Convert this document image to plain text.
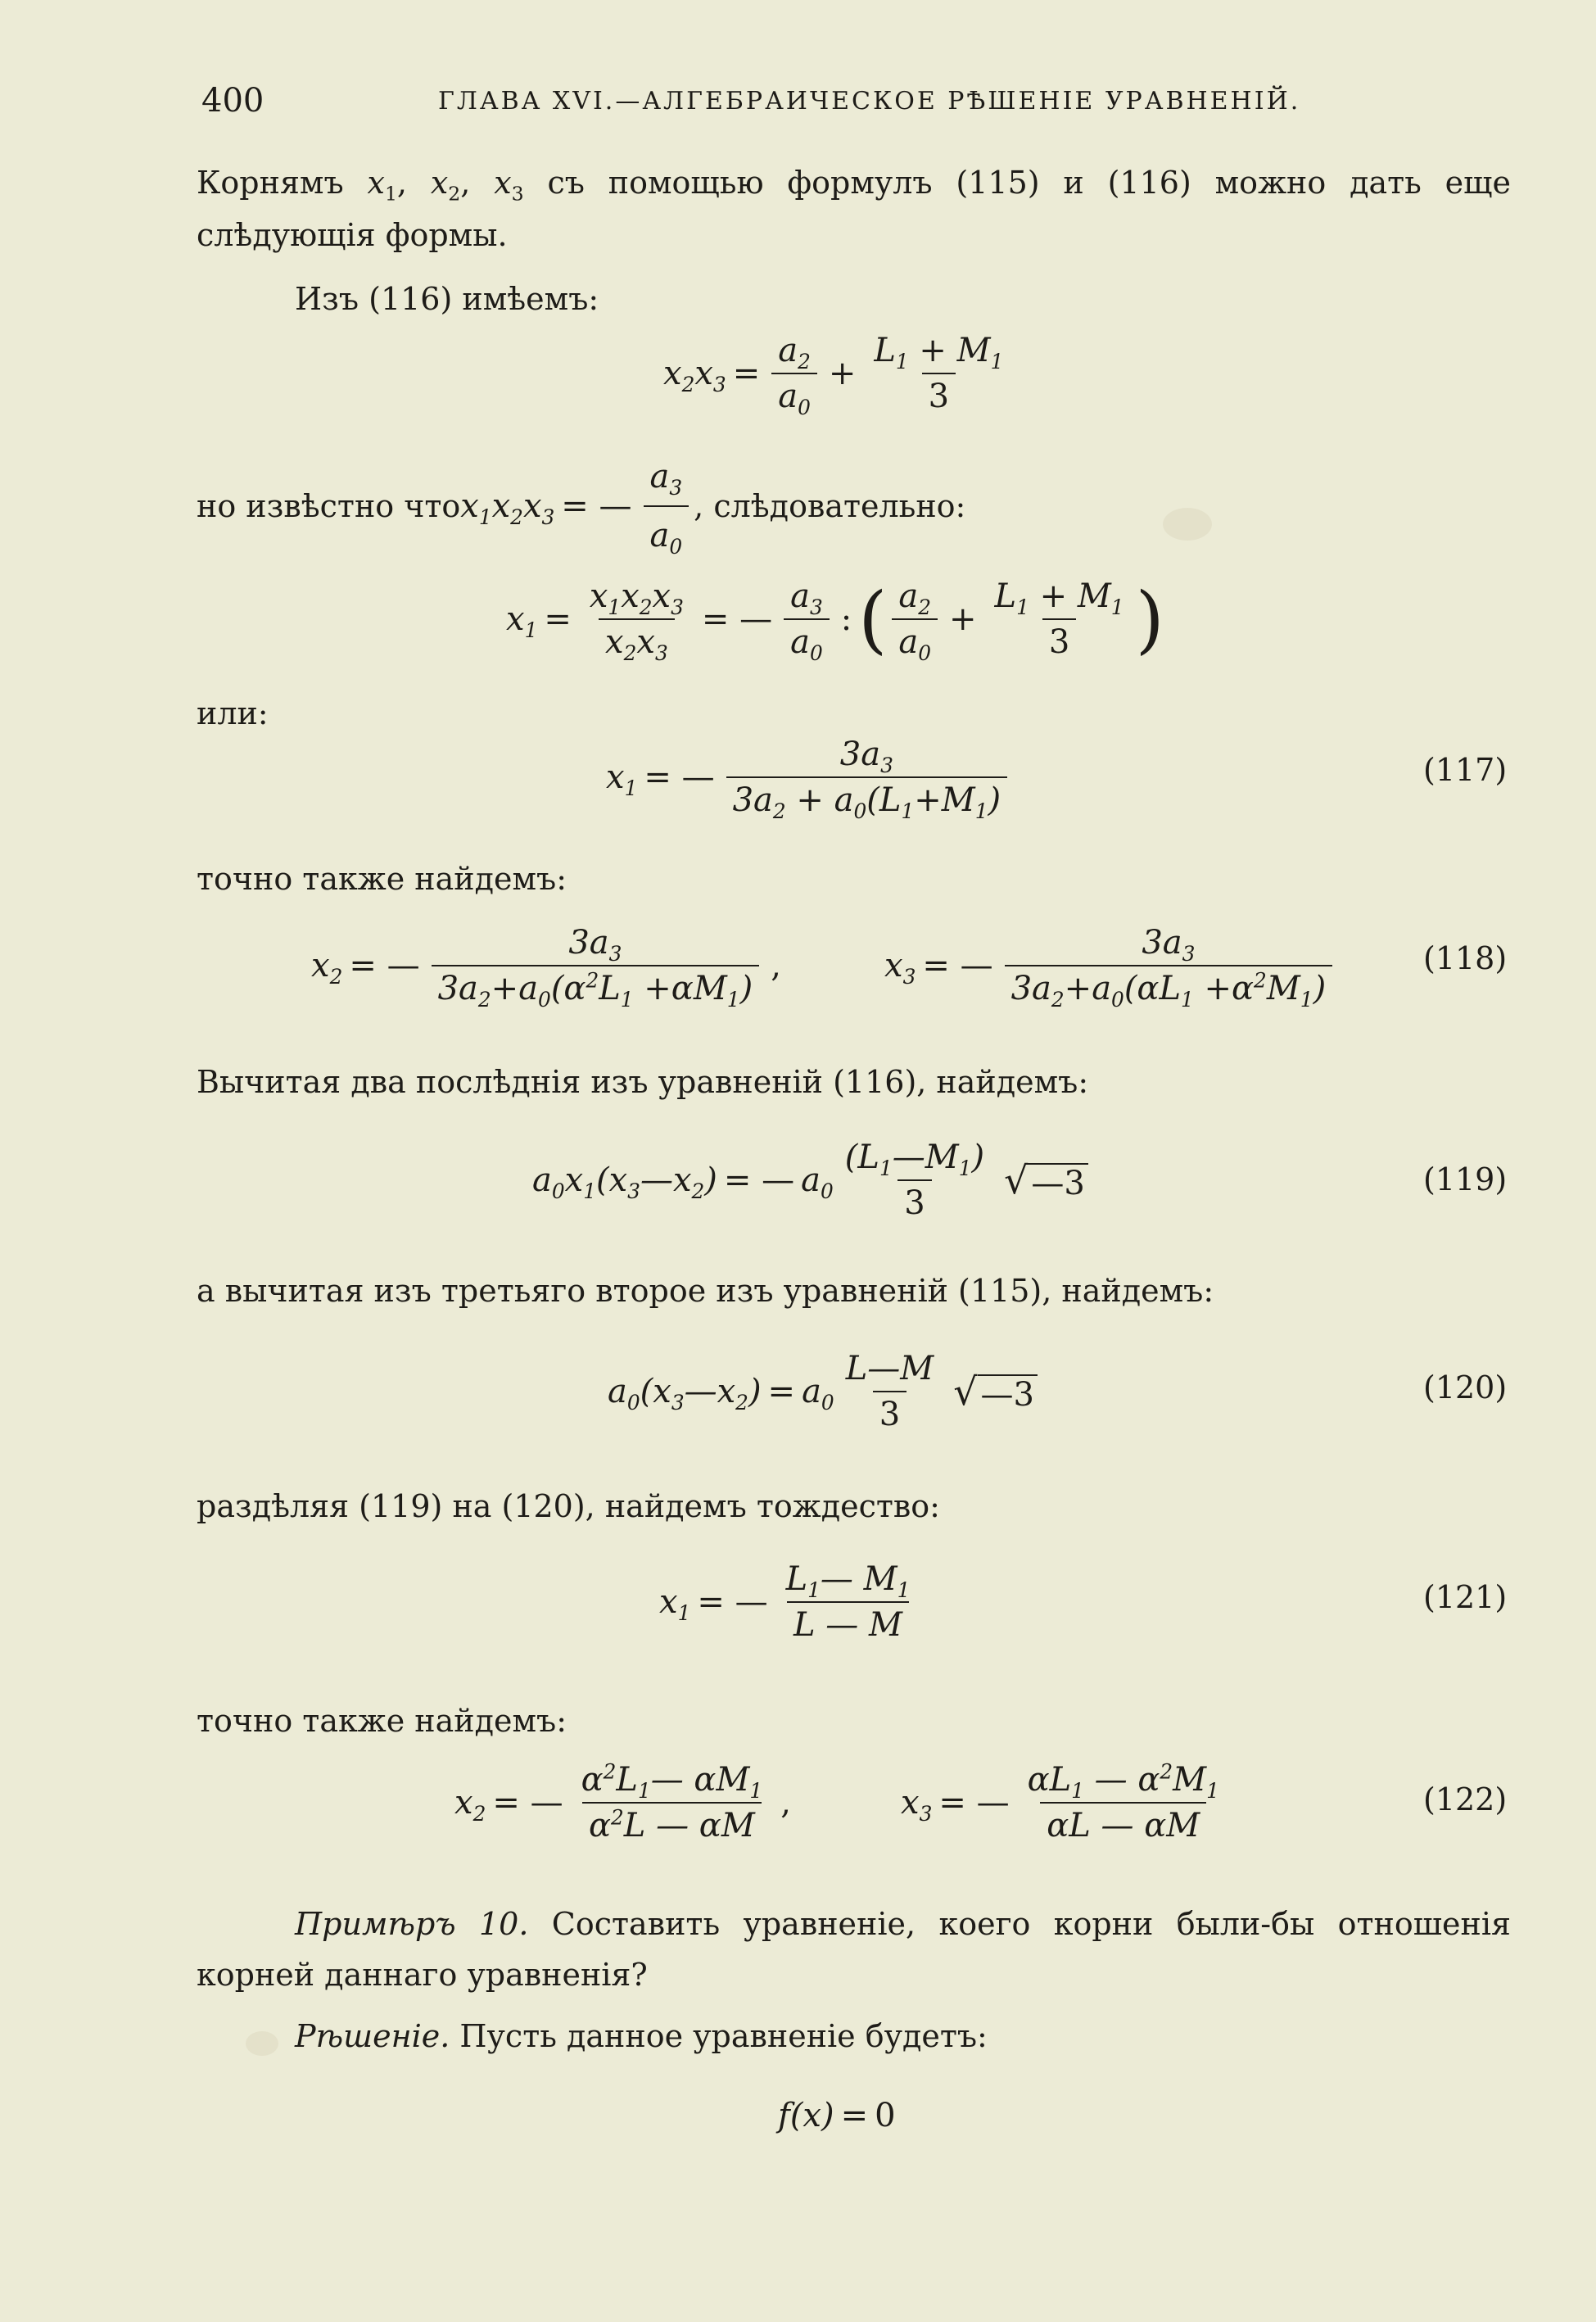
400	ГЛАВА XVI.—АЛГЕБРАИЧЕСКОЕ РѢШЕНІЕ УРАВНЕНІЙ.

Корнямъ $x_1$, $x_2$, $x_3$ съ помощью формулъ (115) и (116) можно дать еще

слѣдующія формы.

Изъ (116) имѣемъ:

$x_2x_3 = \frac{a_2}{a_0} + \frac{L_1 + M_1}{3}$
но извѣстно что $x_1x_2x_3$ = — $\frac{a_3}{a_0}$ , слѣдовательно:
$x_1 = \frac{x_1x_2x_3}{x_2x_3}$ = — $\frac{a_3}{a_0}$ : ( $\frac{a_2}{a_0} + \frac{L_1 + M_1}{3}$ )

или:

$x_1$ = — $\frac{3a_3}{3a_2 + a_0(L_1+M_1)}$	(117)

точно также найдемъ:

$x_2$ = — $\frac{3a_3}{3a_2+a_0(\alpha^2L_1 +\alpha M_1)}$ ,	$x_3$ = — $\frac{3a_3}{3a_2+a_0(\alpha L_1 +\alpha^2M_1)}$	(118)

Вычитая два послѣднія изъ уравненій (116), найдемъ:

$a_0x_1(x_3—x_2)$ = — $a_0 \frac{(L_1—M_1)}{3}$ √ —3	(119)

а вычитая изъ третьяго второе изъ уравненій (115), найдемъ:

$a_0(x_3—x_2) = a_0 \frac{L—M}{3}$ √ —3	(120)

раздѣляя (119) на (120), найдемъ тождество:

$x_1$ = — $\frac{L_1— M_1}{L — M}$	(121)

точно также найдемъ:

$x_2$ = — $\frac{\alpha^2L_1— \alpha M_1}{\alpha^2L — \alpha M}$ ,	$x_3$ = — $\frac{\alpha L_1 — \alpha^2M_1}{\alpha L — \alpha M}$	(122)

Примѣръ 10. Составить уравненіе, коего корни были-бы отношенія

корней даннаго уравненія?

Рѣшеніе. Пусть данное уравненіе будетъ:

f(x) = 0
